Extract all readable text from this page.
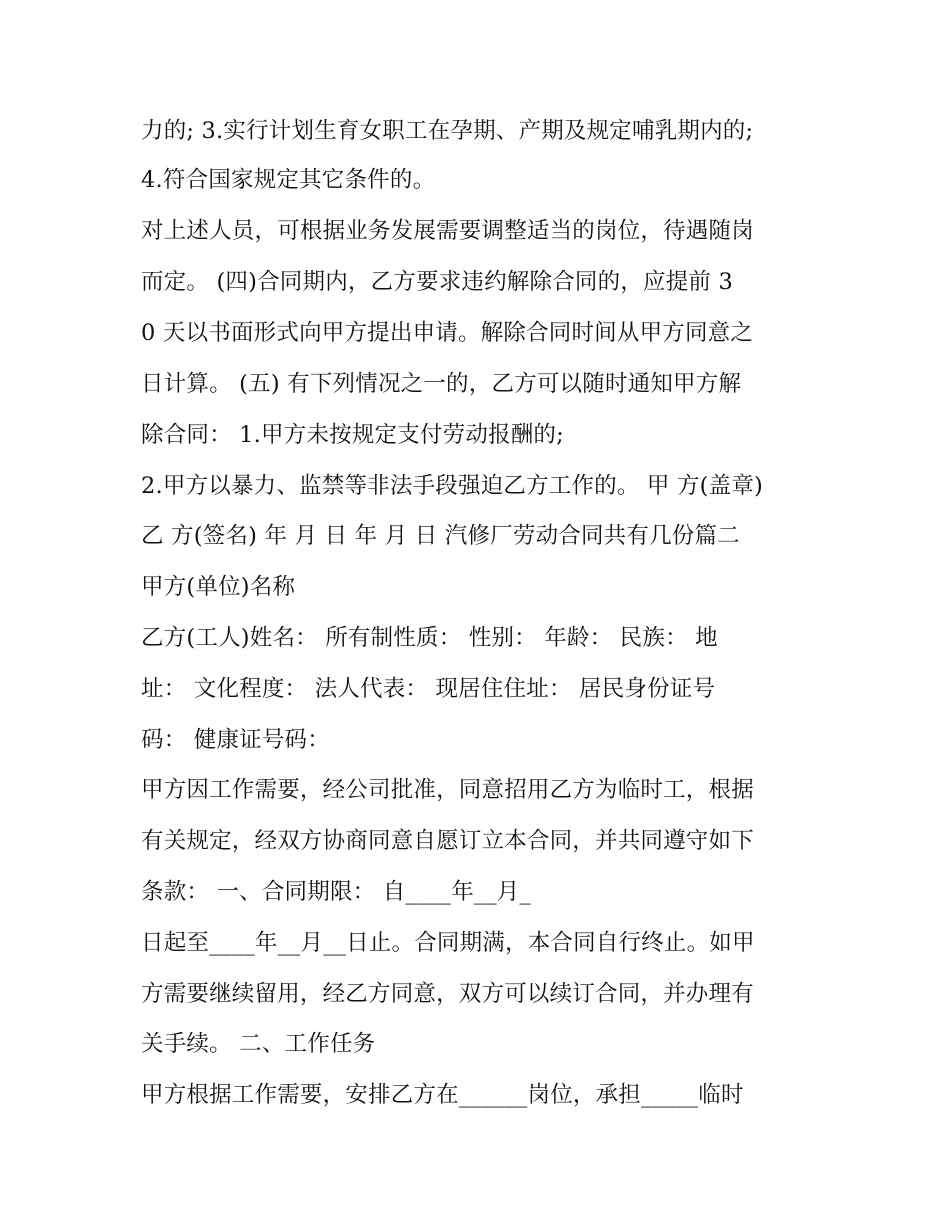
力的; 3.实行计划生育女职工在孕期、产期及规定哺乳期内的;
4.符合国家规定其它条件的。
对上述人员，可根据业务发展需要调整适当的岗位，待遇随岗
而定。 (四)合同期内，乙方要求违约解除合同的，应提前 3
0 天以书面形式向甲方提出申请。解除合同时间从甲方同意之
日计算。 (五) 有下列情况之一的，乙方可以随时通知甲方解
除合同： 1.甲方未按规定支付劳动报酬的;
2.甲方以暴力、监禁等非法手段强迫乙方工作的。 甲 方(盖章)
乙 方(签名) 年 月 日 年 月 日 汽修厂劳动合同共有几份篇二
甲方(单位)名称
乙方(工人)姓名： 所有制性质： 性别： 年龄： 民族： 地
址： 文化程度： 法人代表： 现居住住址： 居民身份证号
码： 健康证号码：
甲方因工作需要，经公司批准，同意招用乙方为临时工，根据
有关规定，经双方协商同意自愿订立本合同，并共同遵守如下
条款： 一、合同期限： 自____年__月_
日起至____年__月__日止。合同期满，本合同自行终止。如甲
方需要继续留用，经乙方同意，双方可以续订合同，并办理有
关手续。 二、工作任务
甲方根据工作需要，安排乙方在______岗位，承担_____临时
